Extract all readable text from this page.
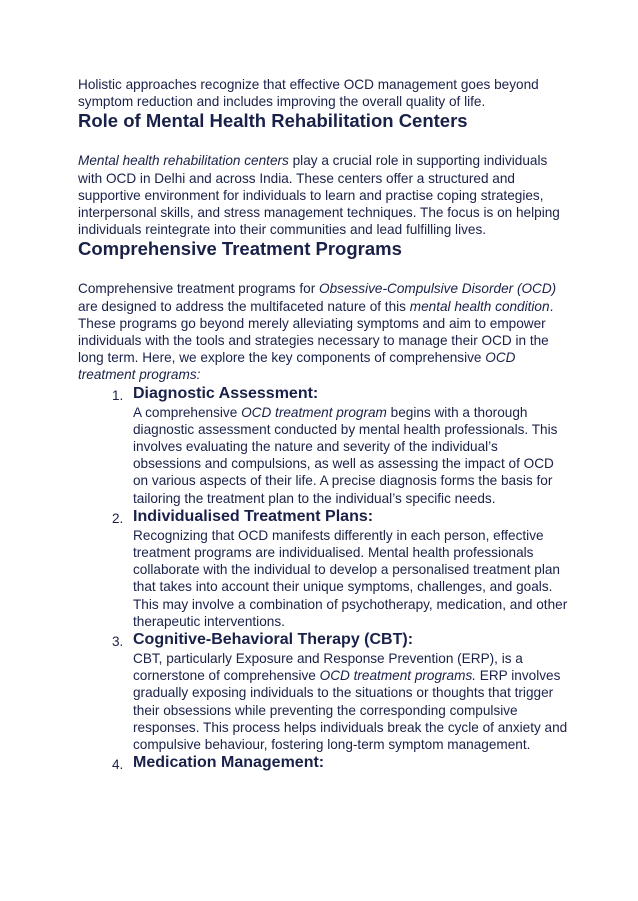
Holistic approaches recognize that effective OCD management goes beyond symptom reduction and includes improving the overall quality of life.

Role of Mental Health Rehabilitation Centers

Mental health rehabilitation centers play a crucial role in supporting individuals with OCD in Delhi and across India. These centers offer a structured and supportive environment for individuals to learn and practise coping strategies, interpersonal skills, and stress management techniques. The focus is on helping individuals reintegrate into their communities and lead fulfilling lives.

Comprehensive Treatment Programs

Comprehensive treatment programs for Obsessive-Compulsive Disorder (OCD) are designed to address the multifaceted nature of this mental health condition. These programs go beyond merely alleviating symptoms and aim to empower individuals with the tools and strategies necessary to manage their OCD in the long term. Here, we explore the key components of comprehensive OCD treatment programs:

1. Diagnostic Assessment:
A comprehensive OCD treatment program begins with a thorough diagnostic assessment conducted by mental health professionals. This involves evaluating the nature and severity of the individual’s obsessions and compulsions, as well as assessing the impact of OCD on various aspects of their life. A precise diagnosis forms the basis for tailoring the treatment plan to the individual’s specific needs.
2. Individualised Treatment Plans:
Recognizing that OCD manifests differently in each person, effective treatment programs are individualised. Mental health professionals collaborate with the individual to develop a personalised treatment plan that takes into account their unique symptoms, challenges, and goals. This may involve a combination of psychotherapy, medication, and other therapeutic interventions.
3. Cognitive-Behavioral Therapy (CBT):
CBT, particularly Exposure and Response Prevention (ERP), is a cornerstone of comprehensive OCD treatment programs. ERP involves gradually exposing individuals to the situations or thoughts that trigger their obsessions while preventing the corresponding compulsive responses. This process helps individuals break the cycle of anxiety and compulsive behaviour, fostering long-term symptom management.
4. Medication Management:
